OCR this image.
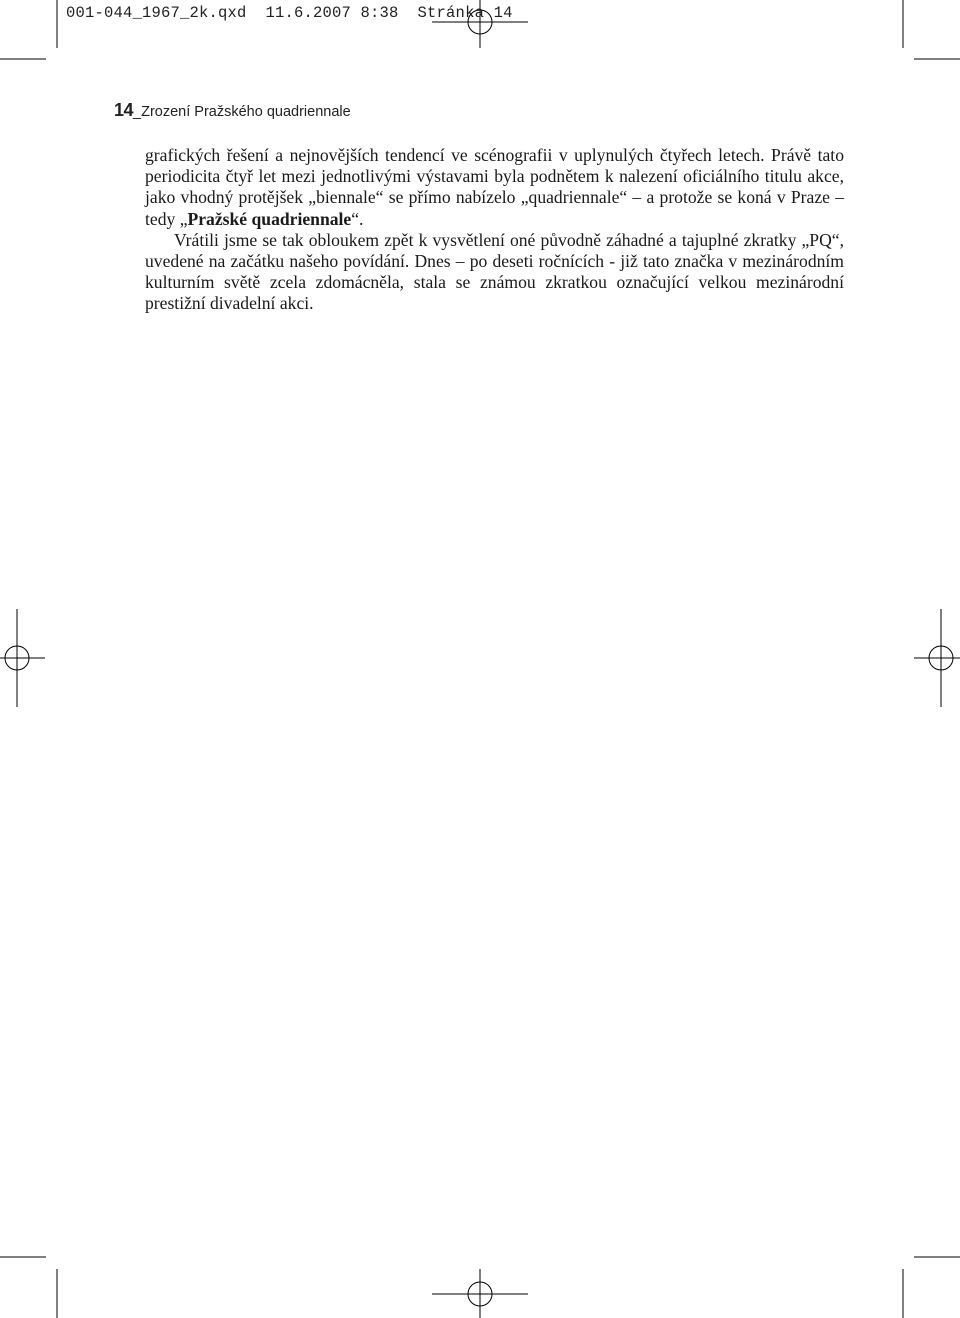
001-044_1967_2k.qxd  11.6.2007 8:38  Stránka 14
14_Zrození Pražského quadriennale

grafických řešení a nejnovějších tendencí ve scénografii v uplynulých čtyřech letech. Právě tato periodicita čtyř let mezi jednotlivými výstavami byla podnětem k nalezení oficiálního titulu akce, jako vhodný protějšek „biennale“ se přímo nabízelo „quadriennale“ – a protože se koná v Praze – tedy „Pražské quadriennale“.

Vrátili jsme se tak obloukem zpět k vysvětlení oné původně záhadné a tajuplné zkratky „PQ“, uvedené na začátku našeho povídání. Dnes – po deseti ročnících - již tato značka v mezinárodním kulturním světě zcela zdomácněla, stala se známou zkratkou označující velkou mezinárodní prestižní divadelní akci.
